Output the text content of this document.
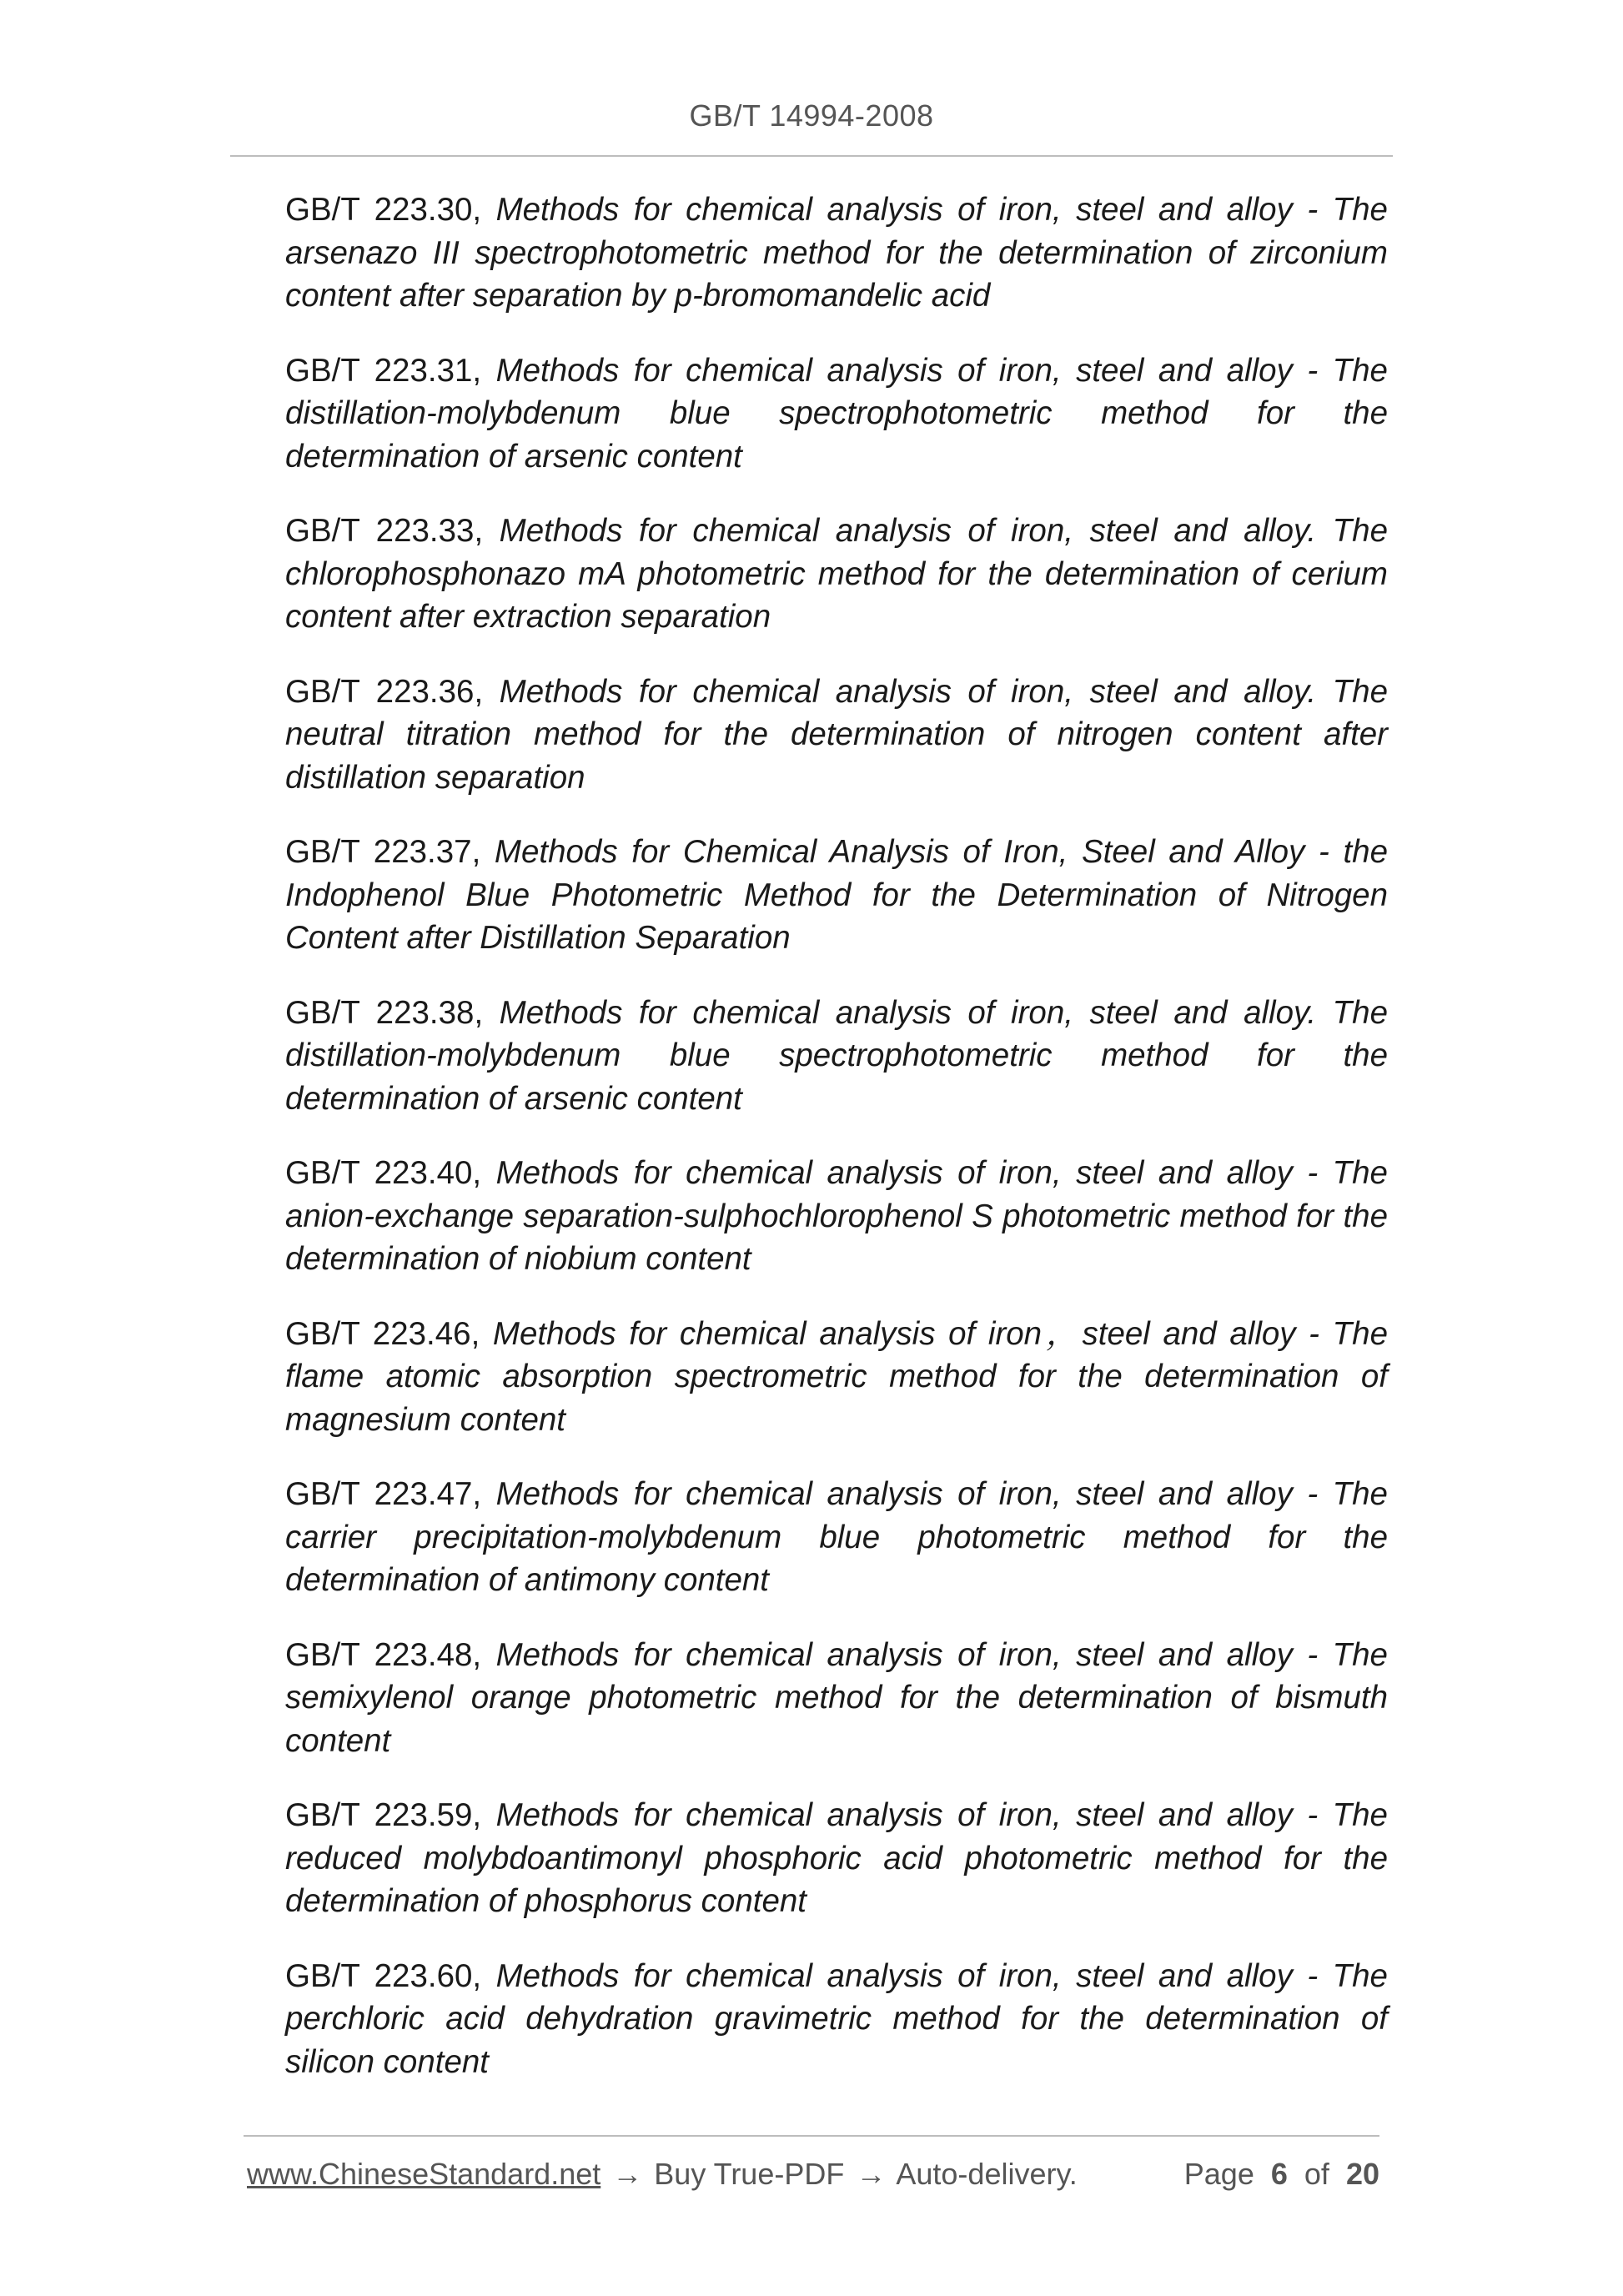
GB/T 14994-2008
GB/T 223.30, Methods for chemical analysis of iron, steel and alloy - The arsenazo III spectrophotometric method for the determination of zirconium content after separation by p-bromomandelic acid
GB/T 223.31, Methods for chemical analysis of iron, steel and alloy - The distillation-molybdenum blue spectrophotometric method for the determination of arsenic content
GB/T 223.33, Methods for chemical analysis of iron, steel and alloy. The chlorophosphonazo mA photometric method for the determination of cerium content after extraction separation
GB/T 223.36, Methods for chemical analysis of iron, steel and alloy. The neutral titration method for the determination of nitrogen content after distillation separation
GB/T 223.37, Methods for Chemical Analysis of Iron, Steel and Alloy - the Indophenol Blue Photometric Method for the Determination of Nitrogen Content after Distillation Separation
GB/T 223.38, Methods for chemical analysis of iron, steel and alloy. The distillation-molybdenum blue spectrophotometric method for the determination of arsenic content
GB/T 223.40, Methods for chemical analysis of iron, steel and alloy - The anion-exchange separation-sulphochlorophenol S photometric method for the determination of niobium content
GB/T 223.46, Methods for chemical analysis of iron，steel and alloy - The flame atomic absorption spectrometric method for the determination of magnesium content
GB/T 223.47, Methods for chemical analysis of iron, steel and alloy - The carrier precipitation-molybdenum blue photometric method for the determination of antimony content
GB/T 223.48, Methods for chemical analysis of iron, steel and alloy - The semixylenol orange photometric method for the determination of bismuth content
GB/T 223.59, Methods for chemical analysis of iron, steel and alloy - The reduced molybdoantimonyl phosphoric acid photometric method for the determination of phosphorus content
GB/T 223.60, Methods for chemical analysis of iron, steel and alloy - The perchloric acid dehydration gravimetric method for the determination of silicon content
www.ChineseStandard.net → Buy True-PDF → Auto-delivery.	Page 6 of 20
